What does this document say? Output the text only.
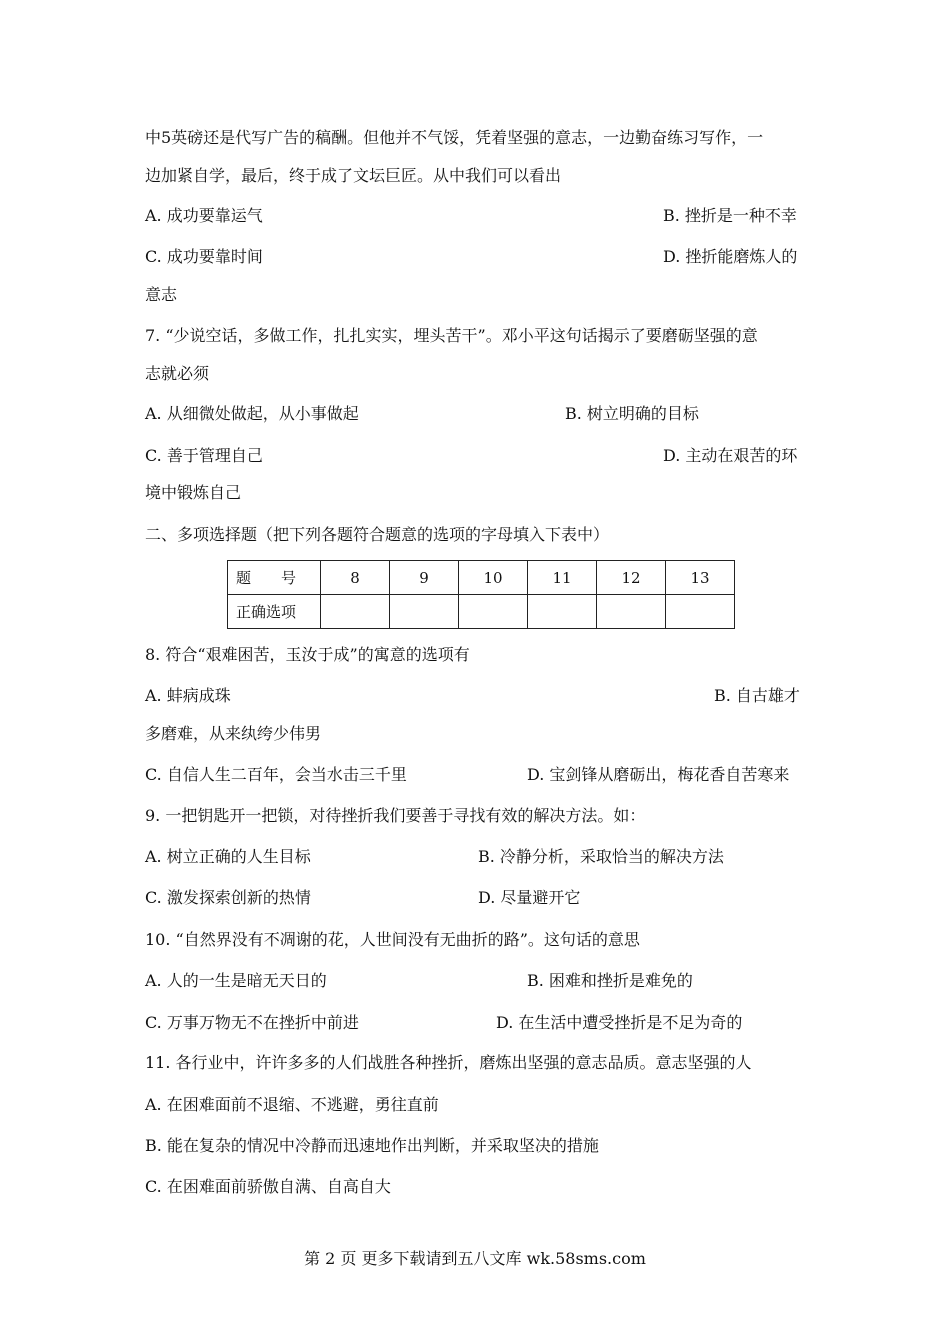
中5英磅还是代写广告的稿酬。但他并不气馁，凭着坚强的意志，一边勤奋练习写作，一
边加紧自学，最后，终于成了文坛巨匠。从中我们可以看出
A. 成功要靠运气	B. 挫折是一种不幸
C. 成功要靠时间	D. 挫折能磨炼人的
意志
7. “少说空话，多做工作，扎扎实实，埋头苦干”。邓小平这句话揭示了要磨砺坚强的意
志就必须
A. 从细微处做起，从小事做起	B. 树立明确的目标
C. 善于管理自己	D. 主动在艰苦的环
境中锻炼自己
二、多项选择题（把下列各题符合题意的选项的字母填入下表中）
题　　号	8	9	10	11	12	13
正确选项						
8. 符合“艰难困苦，玉汝于成”的寓意的选项有
A. 蚌病成珠	B. 自古雄才
多磨难，从来纨绔少伟男
C. 自信人生二百年，会当水击三千里	D. 宝剑锋从磨砺出，梅花香自苦寒来
9. 一把钥匙开一把锁，对待挫折我们要善于寻找有效的解决方法。如：
A. 树立正确的人生目标	B. 冷静分析，采取恰当的解决方法
C. 激发探索创新的热情	D. 尽量避开它
10. “自然界没有不凋谢的花，人世间没有无曲折的路”。这句话的意思
A. 人的一生是暗无天日的	B. 困难和挫折是难免的
C. 万事万物无不在挫折中前进	D. 在生活中遭受挫折是不足为奇的
11. 各行业中，许许多多的人们战胜各种挫折，磨炼出坚强的意志品质。意志坚强的人
A. 在困难面前不退缩、不逃避，勇往直前
B. 能在复杂的情况中冷静而迅速地作出判断，并采取坚决的措施
C. 在困难面前骄傲自满、自高自大
第 2 页 更多下载请到五八文库 wk.58sms.com
